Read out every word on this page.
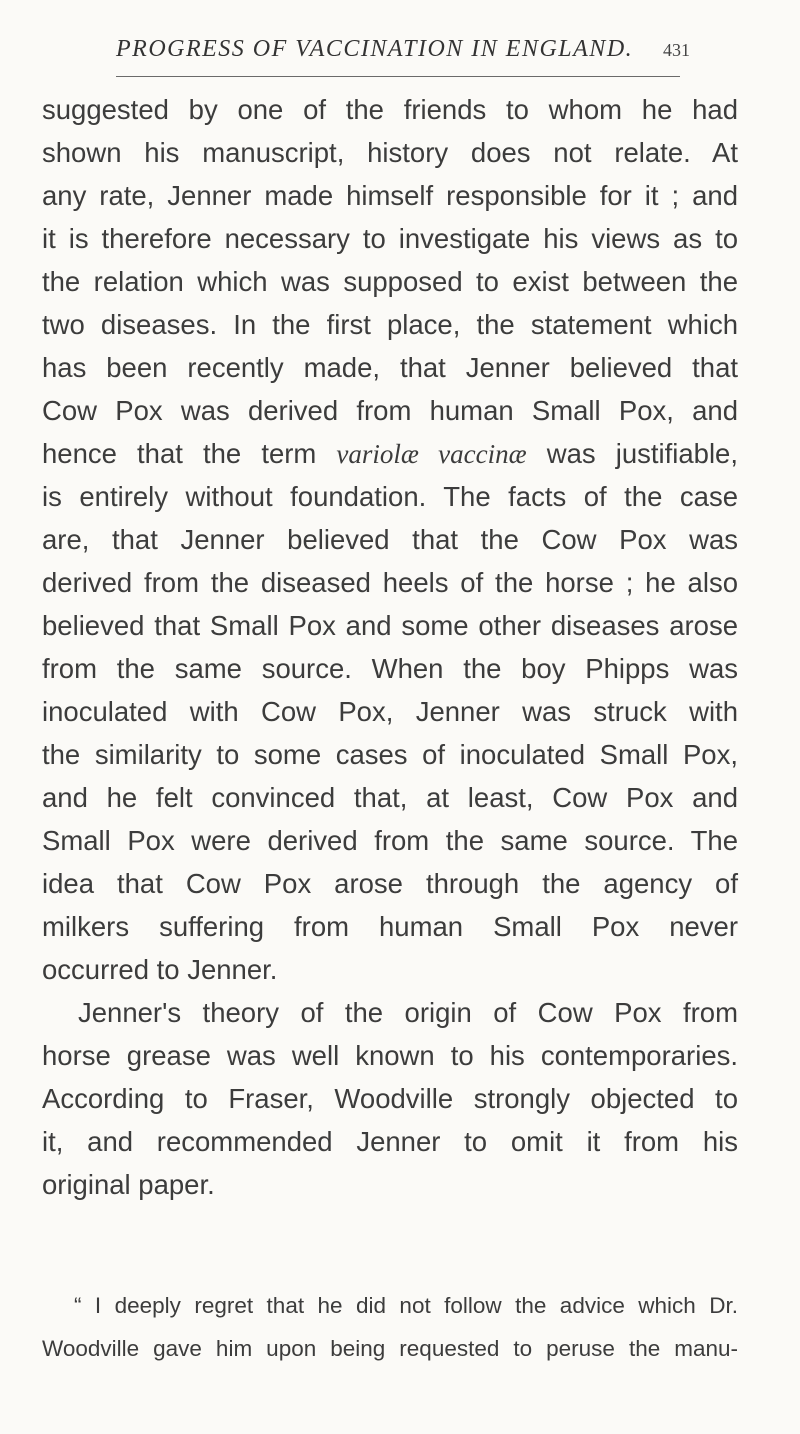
PROGRESS OF VACCINATION IN ENGLAND. 431
suggested by one of the friends to whom he had
shown his manuscript, history does not relate. At
any rate, Jenner made himself responsible for it ; and
it is therefore necessary to investigate his views as to
the relation which was supposed to exist between the
two diseases. In the first place, the statement which
has been recently made, that Jenner believed that
Cow Pox was derived from human Small Pox, and
hence that the term variolæ vaccinæ was justifiable,
is entirely without foundation. The facts of the case
are, that Jenner believed that the Cow Pox was
derived from the diseased heels of the horse ; he also
believed that Small Pox and some other diseases arose
from the same source. When the boy Phipps was
inoculated with Cow Pox, Jenner was struck with
the similarity to some cases of inoculated Small Pox,
and he felt convinced that, at least, Cow Pox and
Small Pox were derived from the same source. The
idea that Cow Pox arose through the agency of
milkers suffering from human Small Pox never
occurred to Jenner.
Jenner's theory of the origin of Cow Pox from
horse grease was well known to his contemporaries.
According to Fraser, Woodville strongly objected to
it, and recommended Jenner to omit it from his
original paper.
“ I deeply regret that he did not follow the advice which Dr.
Woodville gave him upon being requested to peruse the manu-
